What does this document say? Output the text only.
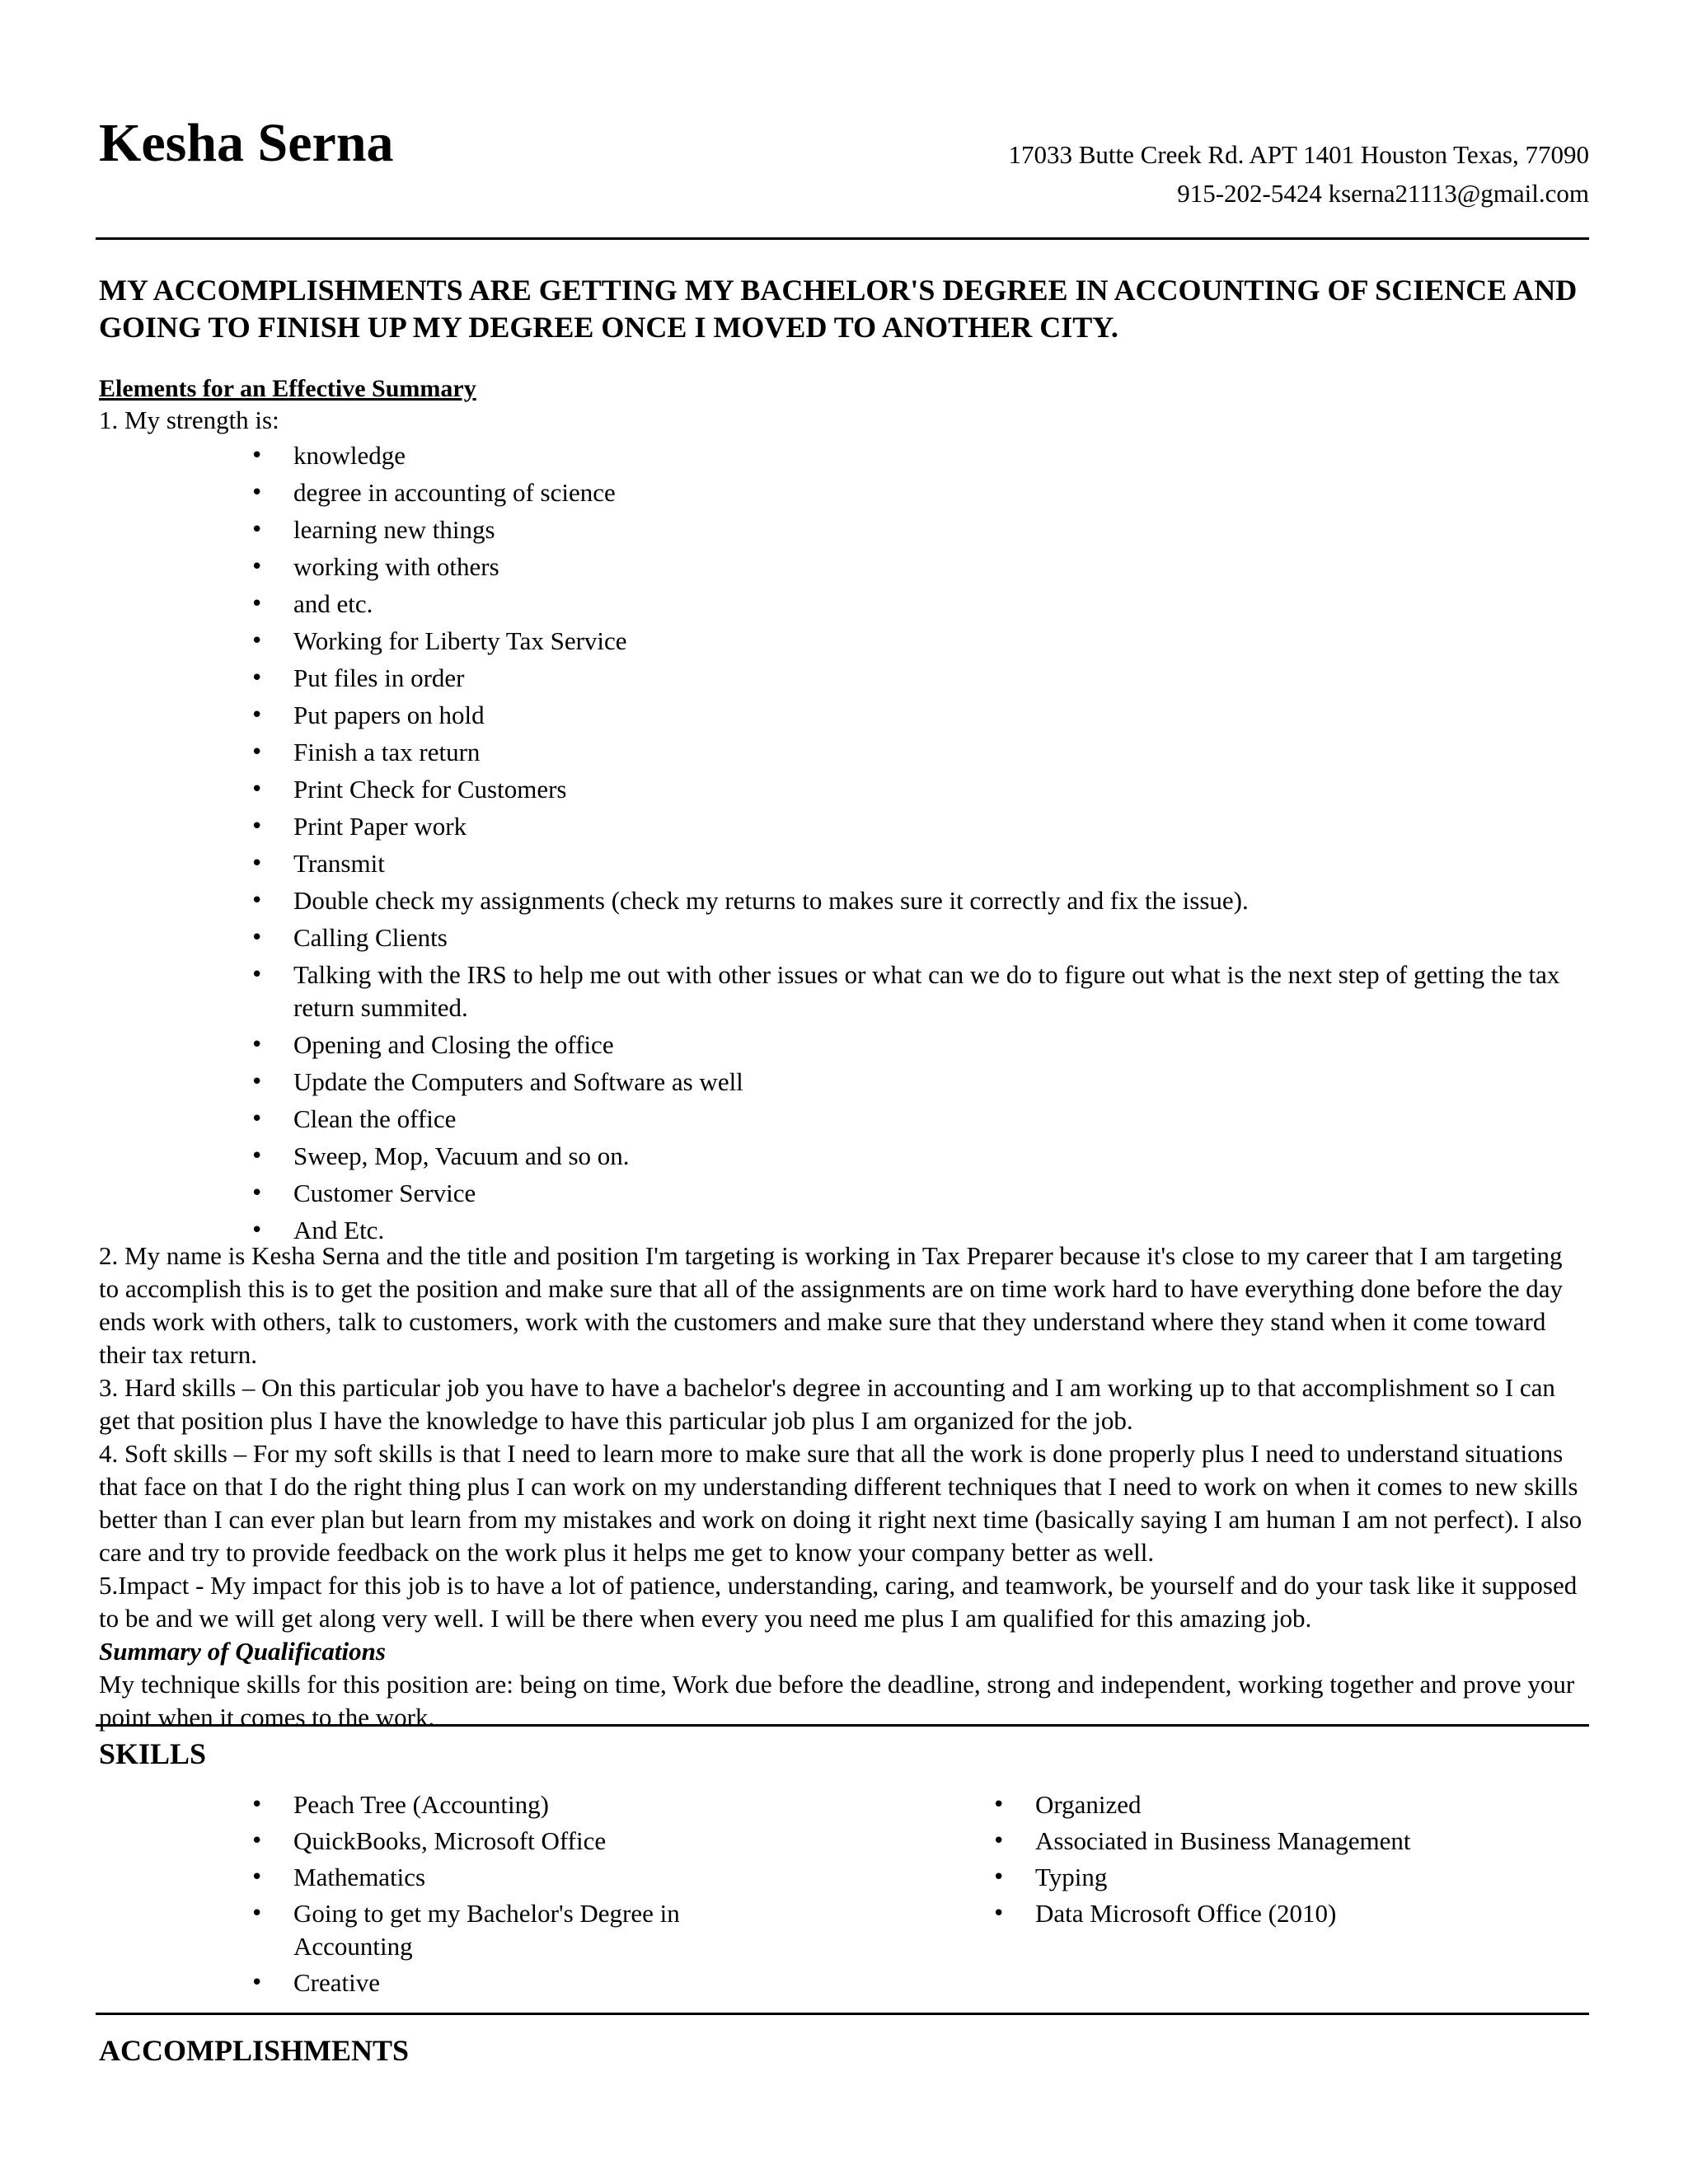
Kesha Serna	17033 Butte Creek Rd. APT 1401 Houston Texas, 77090
915-202-5424 kserna21113@gmail.com
MY ACCOMPLISHMENTS ARE GETTING MY BACHELOR'S DEGREE IN ACCOUNTING OF SCIENCE AND GOING TO FINISH UP MY DEGREE ONCE I MOVED TO ANOTHER CITY.
Elements for an Effective Summary
1. My strength is:
• knowledge
• degree in accounting of science
• learning new things
• working with others
• and etc.
• Working for Liberty Tax Service
• Put files in order
• Put papers on hold
• Finish a tax return
• Print Check for Customers
• Print Paper work
• Transmit
• Double check my assignments (check my returns to makes sure it correctly and fix the issue).
• Calling Clients
• Talking with the IRS to help me out with other issues or what can we do to figure out what is the next step of getting the tax return summited.
• Opening and Closing the office
• Update the Computers and Software as well
• Clean the office
• Sweep, Mop, Vacuum and so on.
• Customer Service
• And Etc.

2. My name is Kesha Serna and the title and position I'm targeting is working in Tax Preparer because it's close to my career that I am targeting to accomplish this is to get the position and make sure that all of the assignments are on time work hard to have everything done before the day ends work with others, talk to customers, work with the customers and make sure that they understand where they stand when it come toward their tax return.

3. Hard skills – On this particular job you have to have a bachelor's degree in accounting and I am working up to that accomplishment so I can get that position plus I have the knowledge to have this particular job plus I am organized for the job.

4. Soft skills – For my soft skills is that I need to learn more to make sure that all the work is done properly plus I need to understand situations that face on that I do the right thing plus I can work on my understanding different techniques that I need to work on when it comes to new skills better than I can ever plan but learn from my mistakes and work on doing it right next time (basically saying I am human I am not perfect). I also care and try to provide feedback on the work plus it helps me get to know your company better as well.

5.Impact - My impact for this job is to have a lot of patience, understanding, caring, and teamwork, be yourself and do your task like it supposed to be and we will get along very well. I will be there when every you need me plus I am qualified for this amazing job.

Summary of Qualifications

My technique skills for this position are: being on time, Work due before the deadline, strong and independent, working together and prove your point when it comes to the work.

SKILLS
• Peach Tree (Accounting)
• QuickBooks, Microsoft Office
• Mathematics
• Going to get my Bachelor's Degree in Accounting
• Creative
• Organized
• Associated in Business Management
• Typing
• Data Microsoft Office (2010)
ACCOMPLISHMENTS
